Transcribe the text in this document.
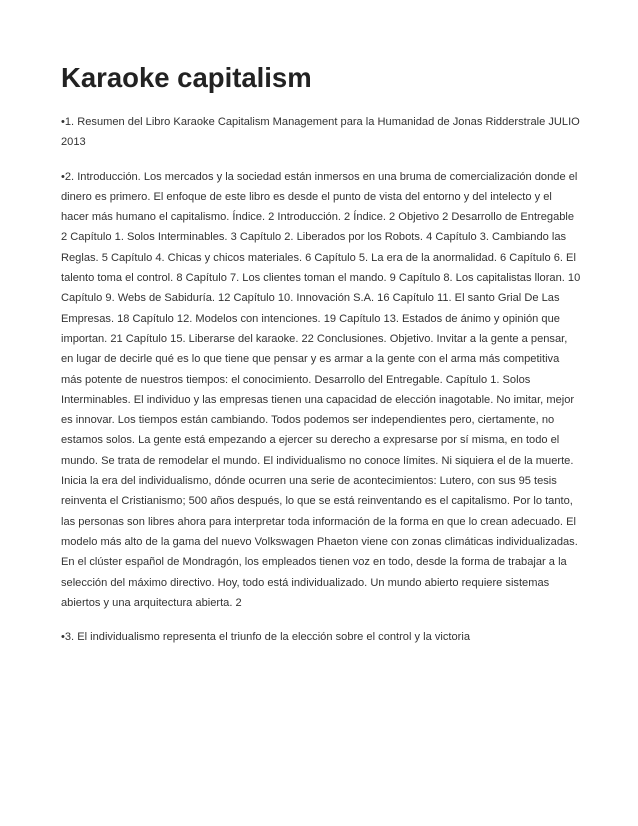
Karaoke capitalism

•1. Resumen del Libro Karaoke Capitalism Management para la Humanidad de Jonas Ridderstrale JULIO 2013

•2. Introducción. Los mercados y la sociedad están inmersos en una bruma de comercialización donde el dinero es primero. El enfoque de este libro es desde el punto de vista del entorno y del intelecto y el hacer más humano el capitalismo. Índice. 2 Introducción. 2 Índice. 2 Objetivo 2 Desarrollo de Entregable 2 Capítulo 1. Solos Interminables. 3 Capítulo 2. Liberados por los Robots. 4 Capítulo 3. Cambiando las Reglas. 5 Capítulo 4. Chicas y chicos materiales. 6 Capítulo 5. La era de la anormalidad. 6 Capítulo 6. El talento toma el control. 8 Capítulo 7. Los clientes toman el mando. 9 Capítulo 8. Los capitalistas lloran. 10 Capítulo 9. Webs de Sabiduría. 12 Capítulo 10. Innovación S.A. 16 Capítulo 11. El santo Grial De Las Empresas. 18 Capítulo 12. Modelos con intenciones. 19 Capítulo 13. Estados de ánimo y opinión que importan. 21 Capítulo 15. Liberarse del karaoke. 22 Conclusiones. Objetivo. Invitar a la gente a pensar, en lugar de decirle qué es lo que tiene que pensar y es armar a la gente con el arma más competitiva más potente de nuestros tiempos: el conocimiento. Desarrollo del Entregable. Capítulo 1. Solos Interminables. El individuo y las empresas tienen una capacidad de elección inagotable. No imitar, mejor es innovar. Los tiempos están cambiando. Todos podemos ser independientes pero, ciertamente, no estamos solos. La gente está empezando a ejercer su derecho a expresarse por sí misma, en todo el mundo. Se trata de remodelar el mundo. El individualismo no conoce límites. Ni siquiera el de la muerte. Inicia la era del individualismo, dónde ocurren una serie de acontecimientos: Lutero, con sus 95 tesis reinventa el Cristianismo; 500 años después, lo que se está reinventando es el capitalismo. Por lo tanto, las personas son libres ahora para interpretar toda información de la forma en que lo crean adecuado. El modelo más alto de la gama del nuevo Volkswagen Phaeton viene con zonas climáticas individualizadas. En el clúster español de Mondragón, los empleados tienen voz en todo, desde la forma de trabajar a la selección del máximo directivo. Hoy, todo está individualizado. Un mundo abierto requiere sistemas abiertos y una arquitectura abierta. 2

•3. El individualismo representa el triunfo de la elección sobre el control y la victoria
